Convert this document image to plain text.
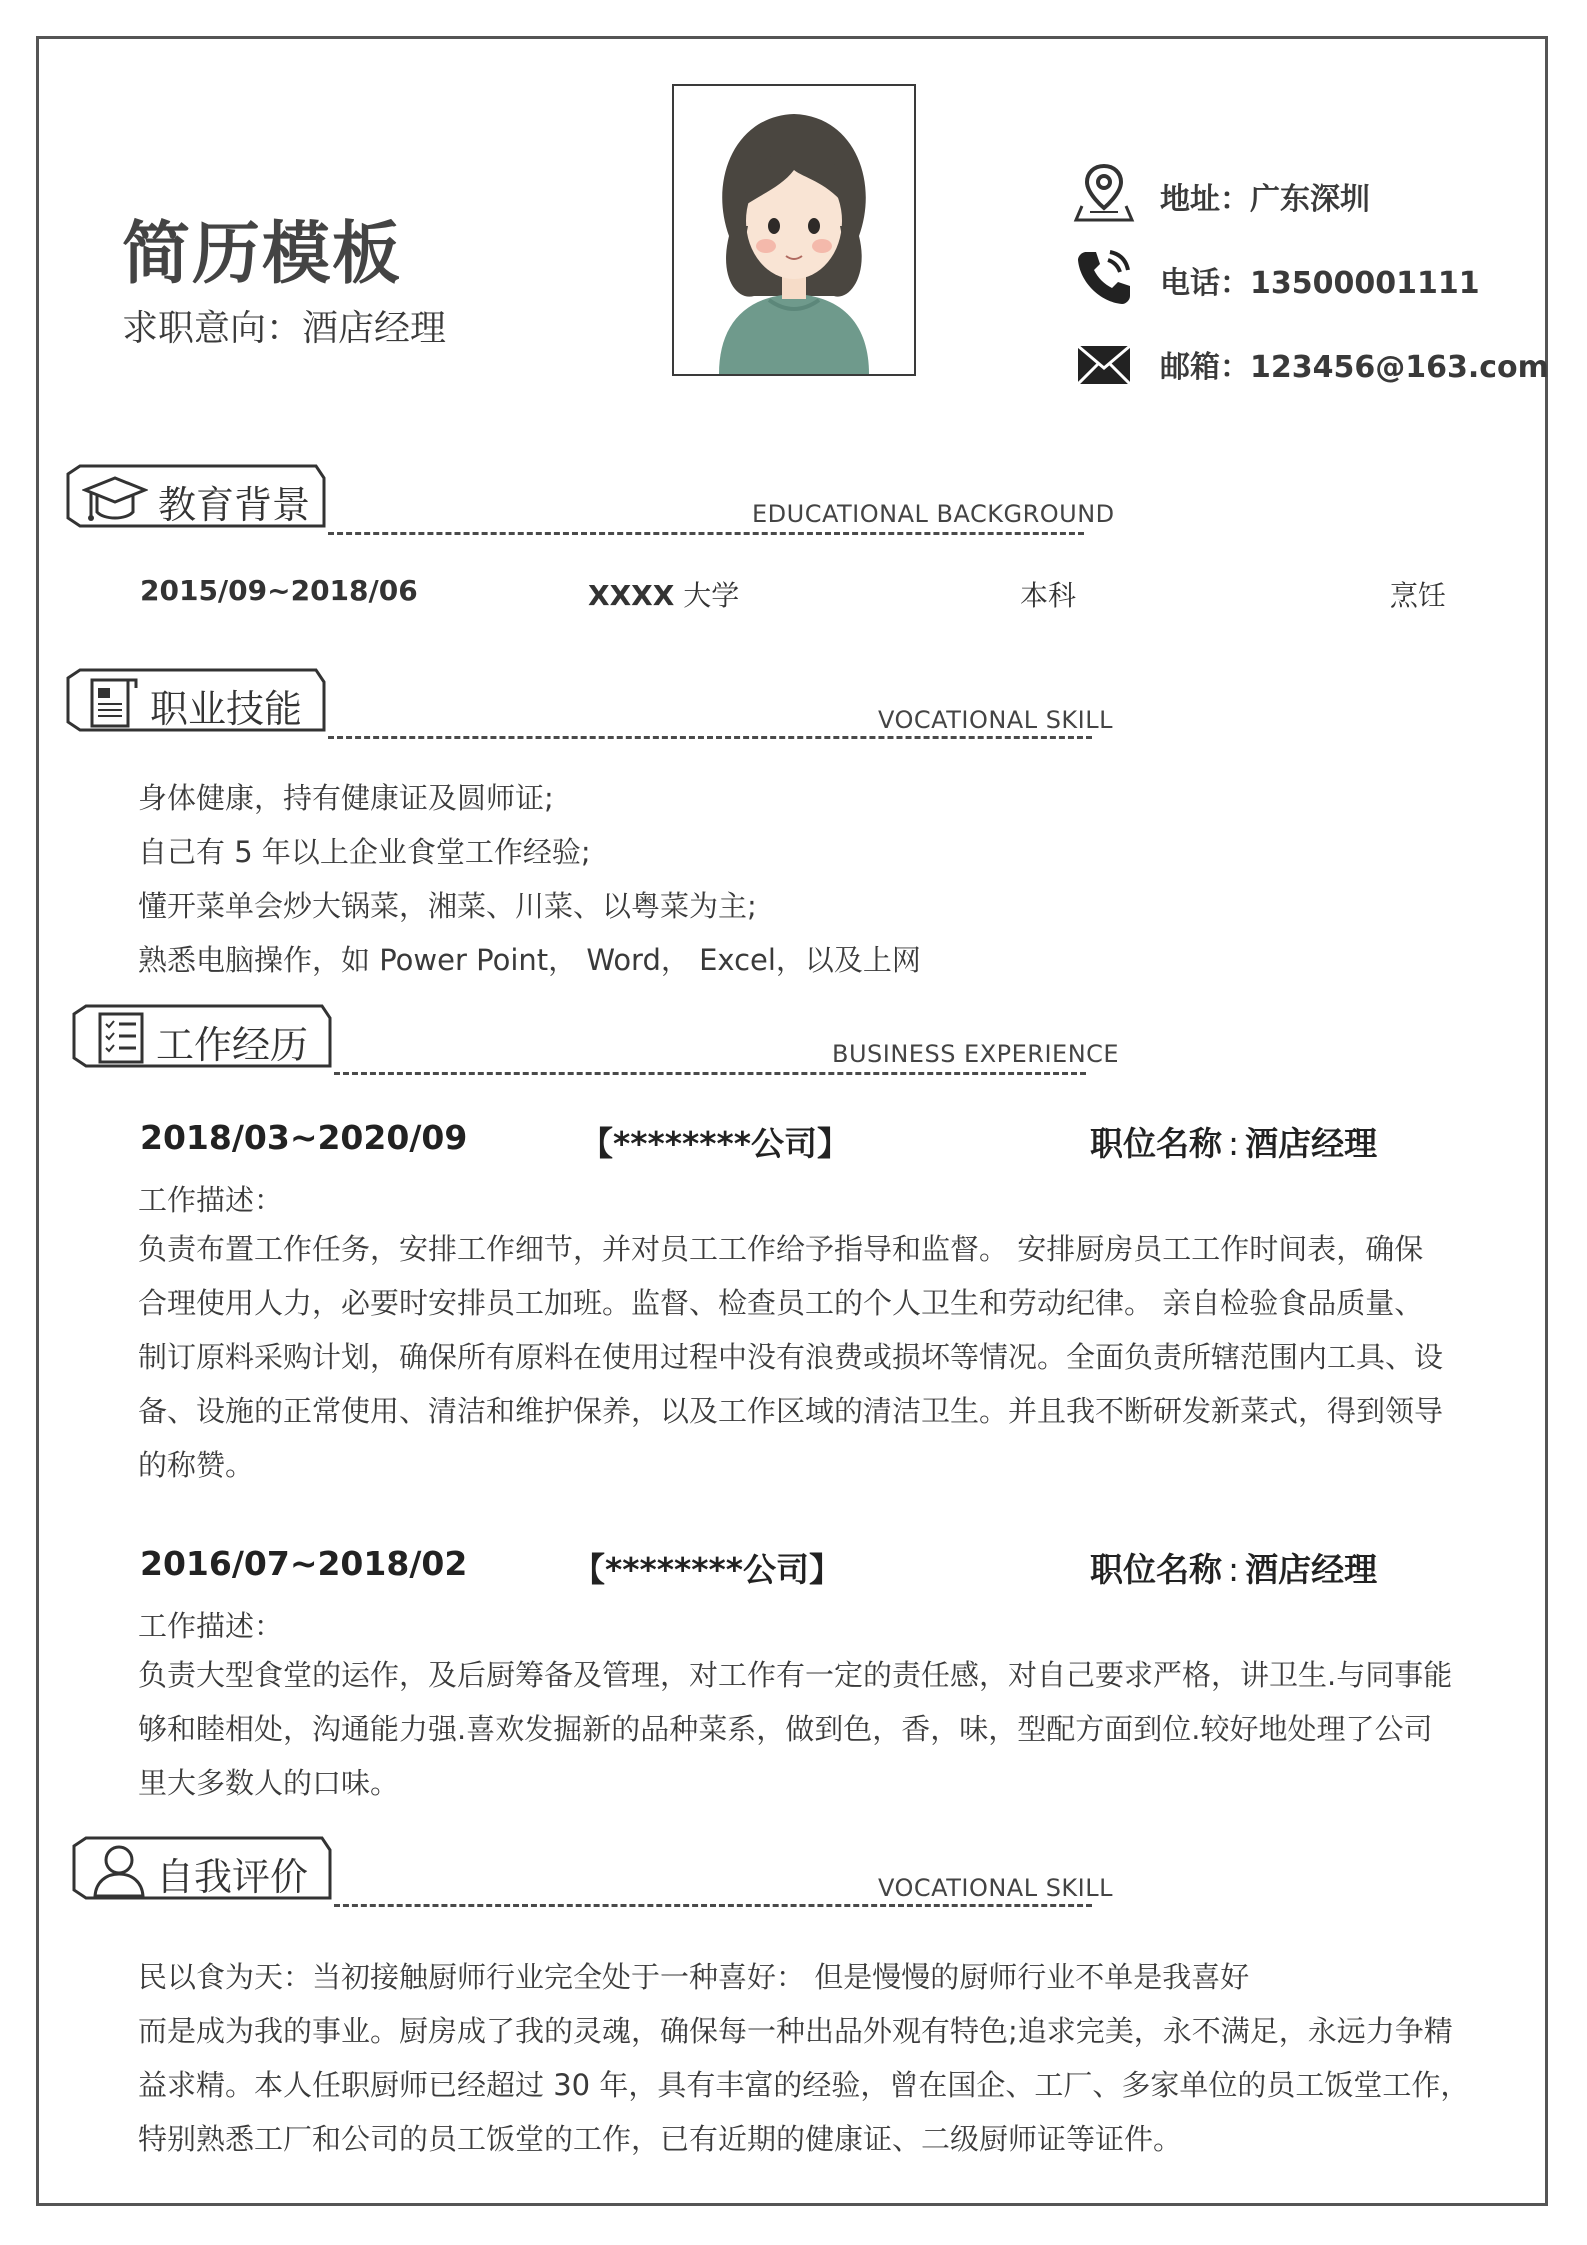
简历模板
求职意向：酒店经理
地址：广东深圳
电话：13500001111
邮箱：123456@163.com
教育背景	EDUCATIONAL BACKGROUND
2015/09~2018/06	XXXX 大学	本科	烹饪
职业技能	VOCATIONAL SKILL
身体健康，持有健康证及圆师证;
自己有 5 年以上企业食堂工作经验;
懂开菜单会炒大锅菜，湘菜、川菜、以粤菜为主;
熟悉电脑操作，如 Power Point， Word， Excel，以及上网
工作经历	BUSINESS EXPERIENCE
2018/03~2020/09	【********公司】	职位名称 : 酒店经理
工作描述：
负责布置工作任务，安排工作细节，并对员工工作给予指导和监督。 安排厨房员工工作时间表，确保
合理使用人力，必要时安排员工加班。监督、检查员工的个人卫生和劳动纪律。 亲自检验食品质量、
制订原料采购计划，确保所有原料在使用过程中没有浪费或损坏等情况。全面负责所辖范围内工具、设
备、设施的正常使用、清洁和维护保养，以及工作区域的清洁卫生。并且我不断研发新菜式，得到领导
的称赞。
2016/07~2018/02	【********公司】	职位名称 : 酒店经理
工作描述：
负责大型食堂的运作，及后厨筹备及管理，对工作有一定的责任感，对自己要求严格，讲卫生.与同事能
够和睦相处，沟通能力强.喜欢发掘新的品种菜系，做到色，香，味，型配方面到位.较好地处理了公司
里大多数人的口味。
自我评价	VOCATIONAL SKILL
民以食为天：当初接触厨师行业完全处于一种喜好： 但是慢慢的厨师行业不单是我喜好
而是成为我的事业。厨房成了我的灵魂，确保每一种出品外观有特色;追求完美，永不满足，永远力争精
益求精。本人任职厨师已经超过 30 年，具有丰富的经验，曾在国企、工厂、多家单位的员工饭堂工作，
特别熟悉工厂和公司的员工饭堂的工作，已有近期的健康证、二级厨师证等证件。
